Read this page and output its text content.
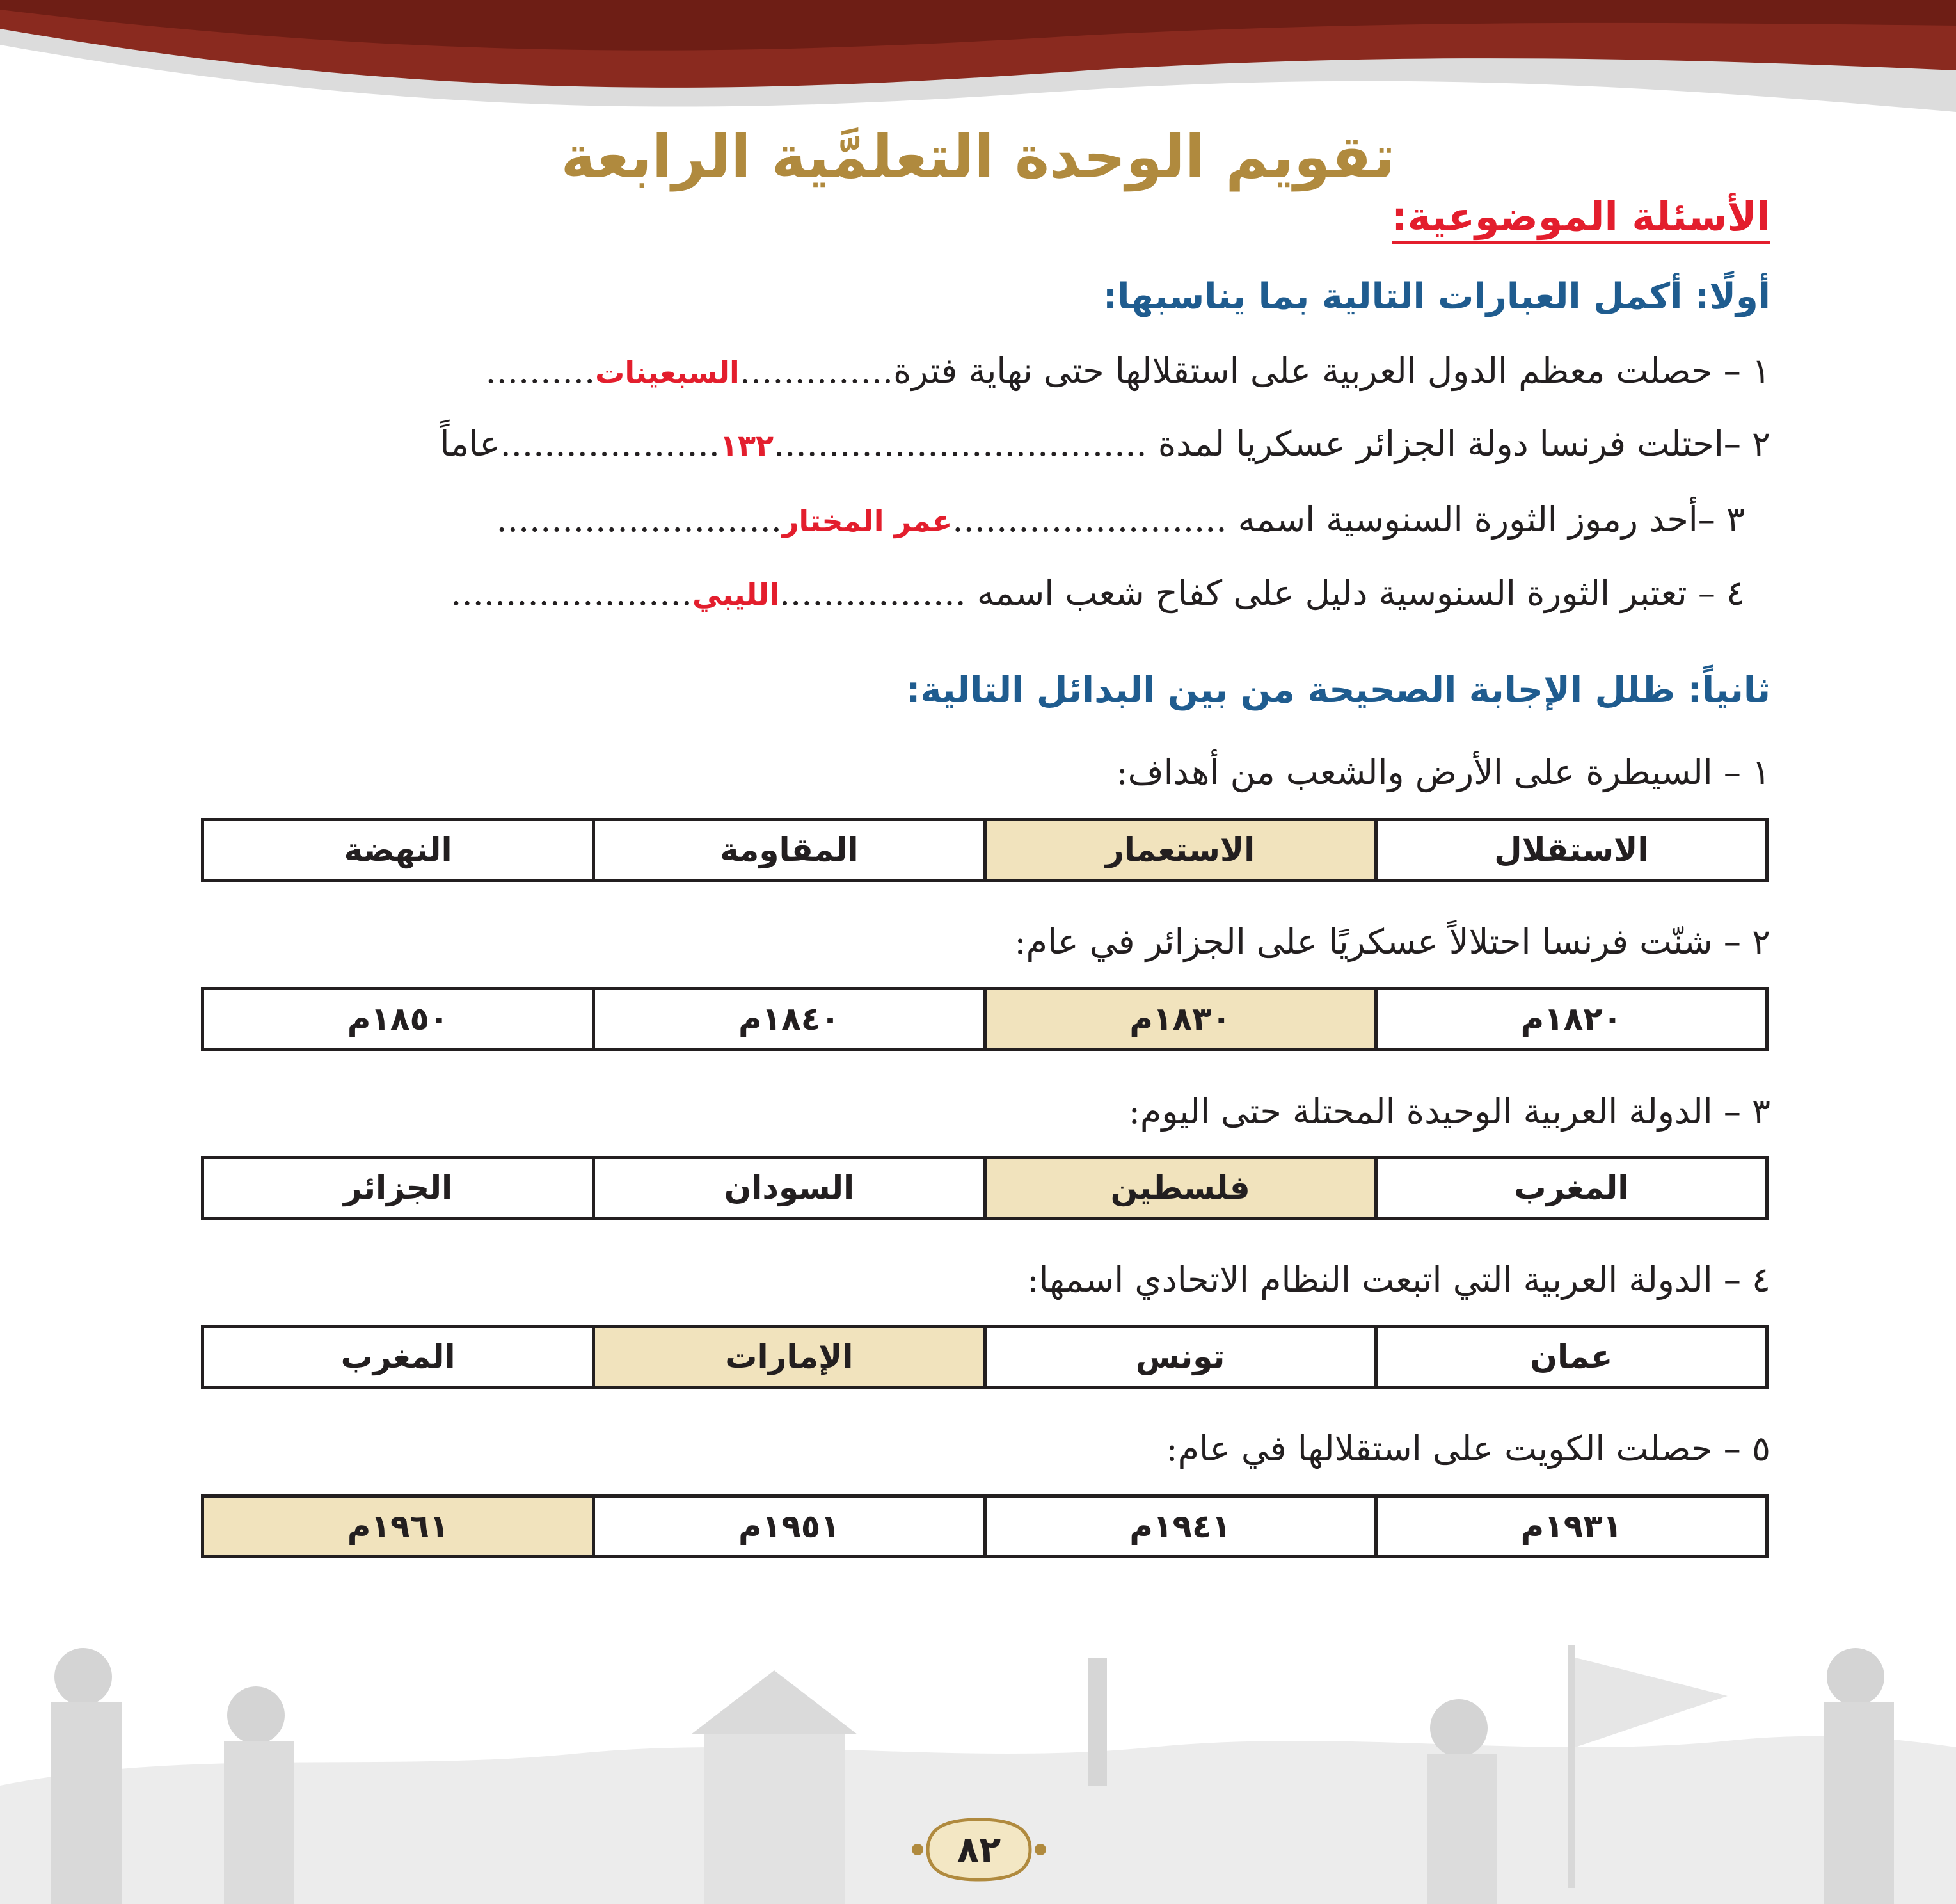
تقويم الوحدة التعلمَّية الرابعة
الأسئلة الموضوعية:
أولًا: أكمل العبارات التالية بما يناسبها:
١ – حصلت معظم الدول العربية على استقلالها حتى نهاية فترة..............السبعينات..........
٢ –احتلت فرنسا دولة الجزائر عسكريا لمدة ..................................١٣٢....................عاماً
٣ –أحد رموز الثورة السنوسية اسمه .........................عمر المختار..........................
٤ – تعتبر الثورة السنوسية دليل على كفاح شعب اسمه .................الليبي......................
ثانياً: ظلل الإجابة الصحيحة من بين البدائل التالية:
١ – السيطرة على الأرض والشعب من أهداف:
الاستقلال
الاستعمار
المقاومة
النهضة
٢ – شنّت فرنسا احتلالاً عسكريًا على الجزائر في عام:
١٨٢٠م
١٨٣٠م
١٨٤٠م
١٨٥٠م
٣ – الدولة العربية الوحيدة المحتلة حتى اليوم:
المغرب
فلسطين
السودان
الجزائر
٤ – الدولة العربية التي اتبعت النظام الاتحادي اسمها:
عمان
تونس
الإمارات
المغرب
٥ – حصلت الكويت على استقلالها في عام:
١٩٣١م
١٩٤١م
١٩٥١م
١٩٦١م
٨٢
